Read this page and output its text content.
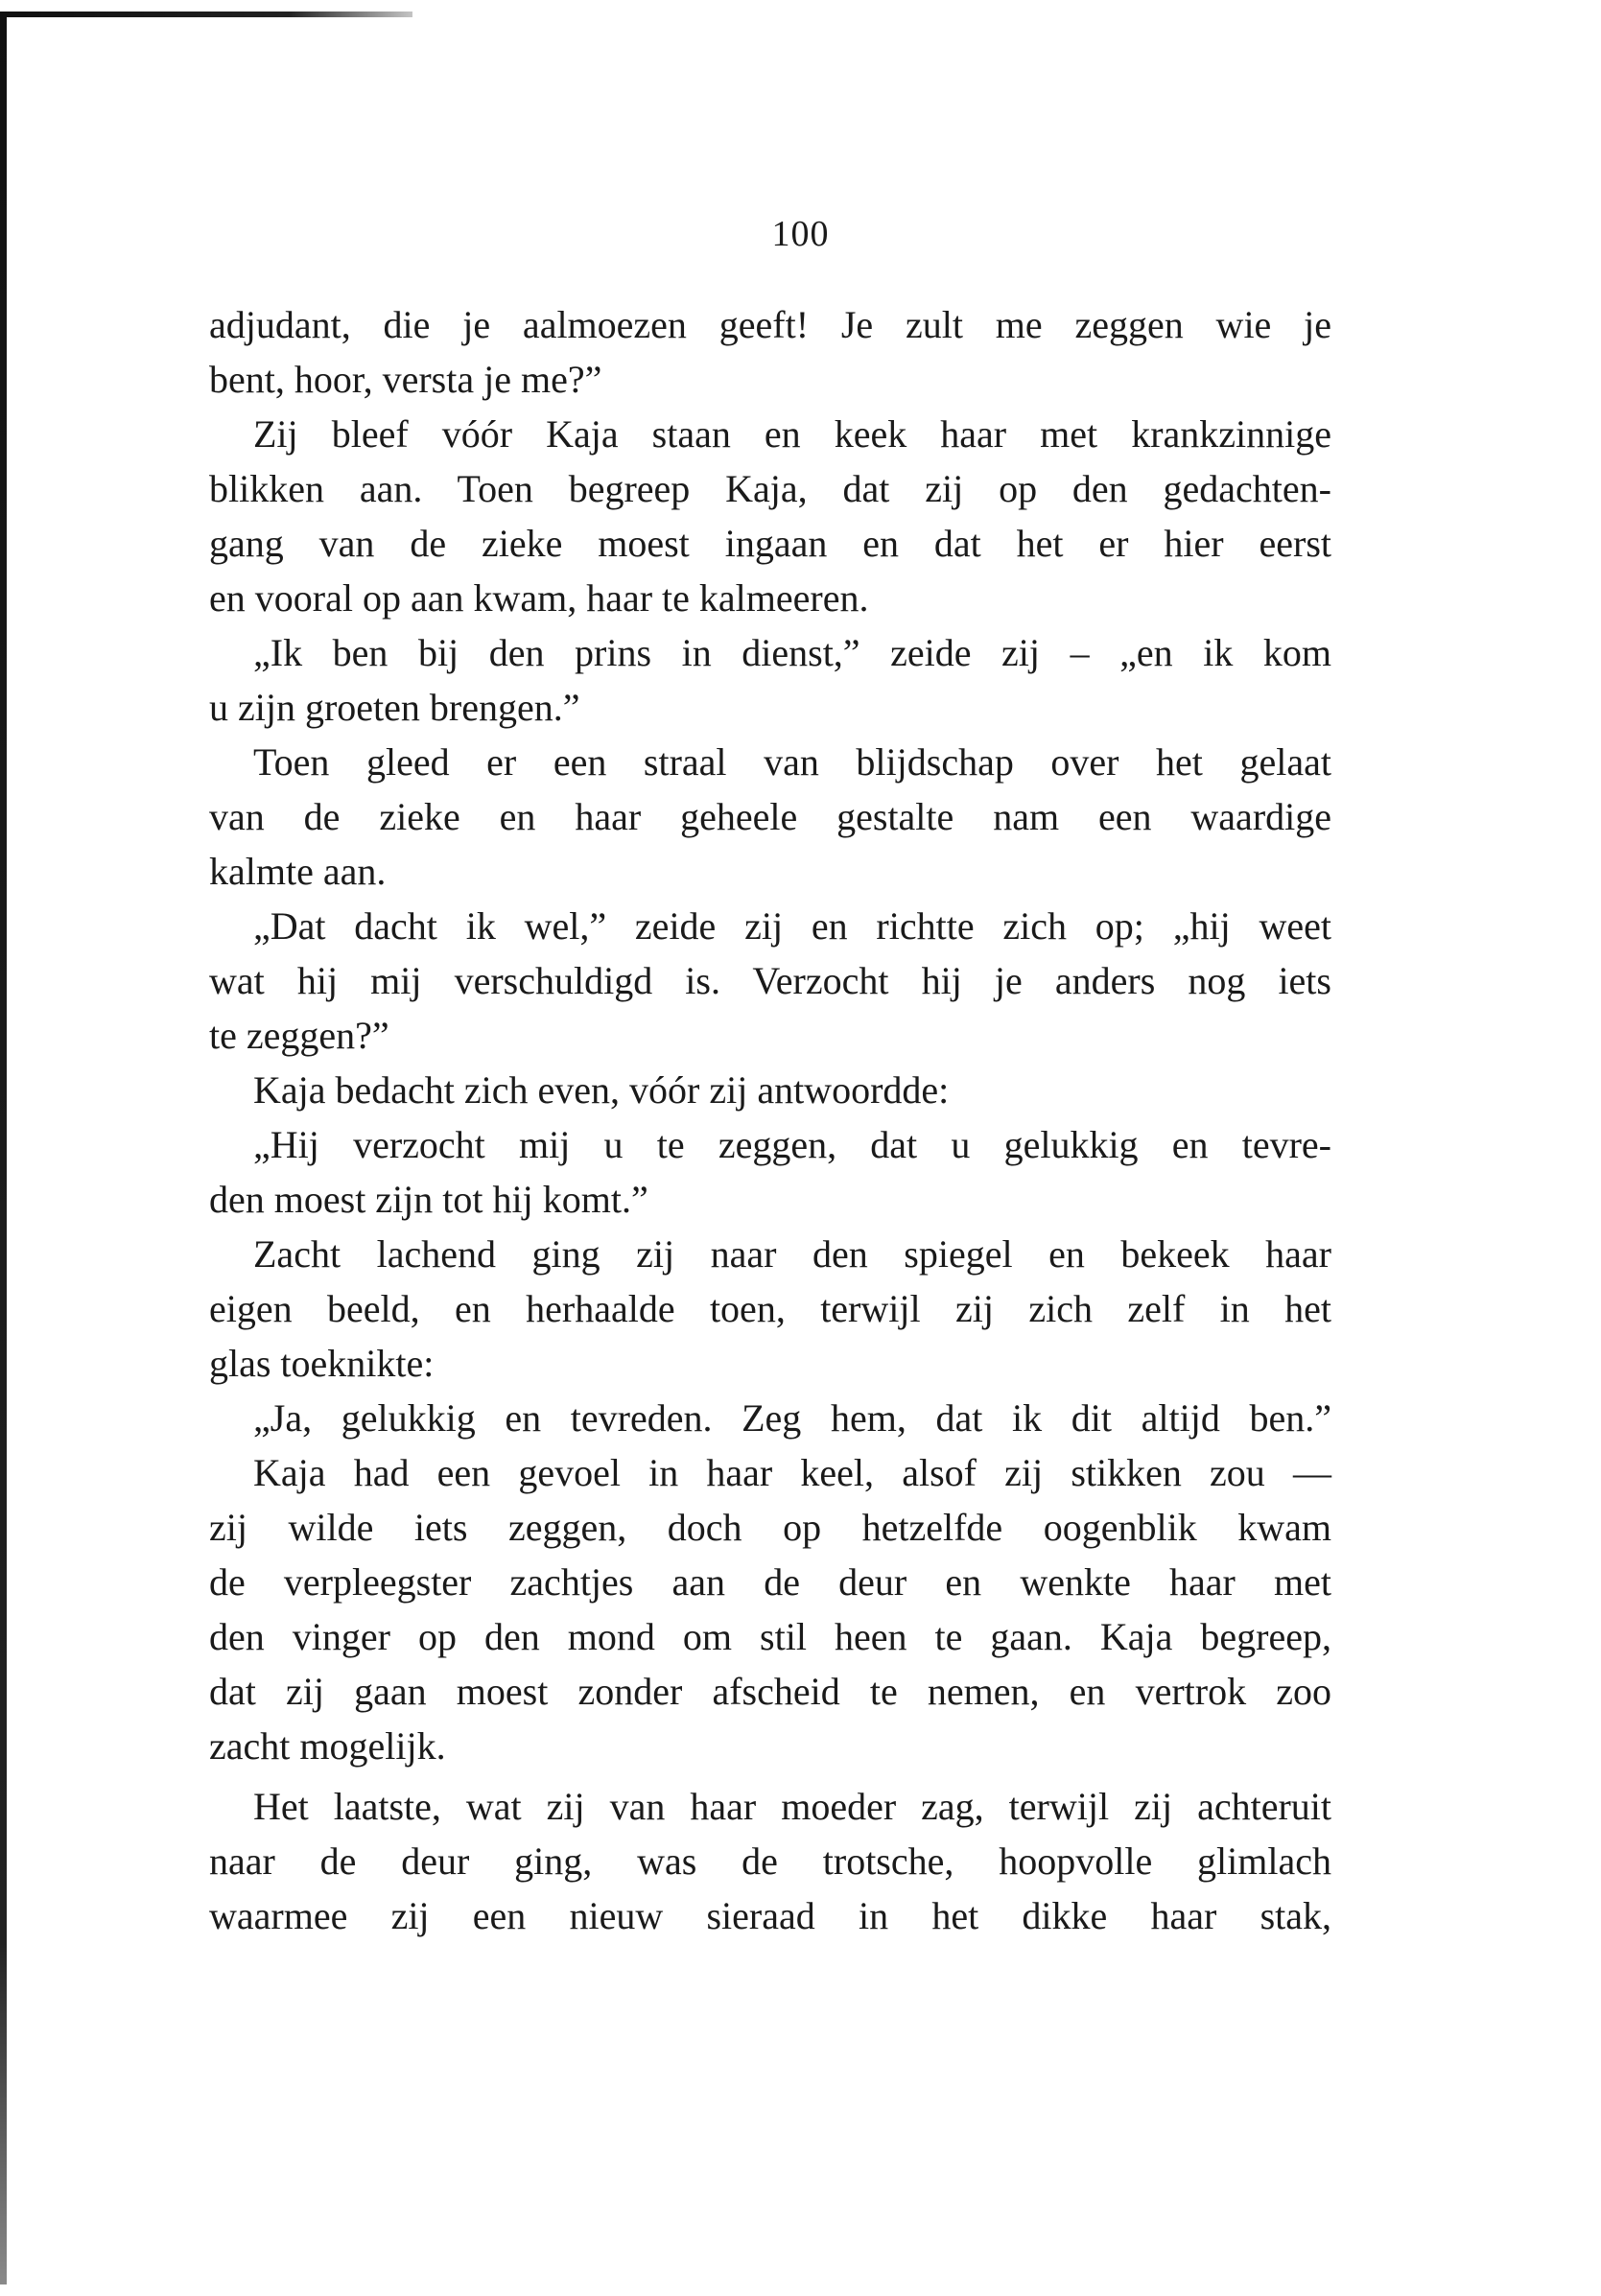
100
adjudant, die je aalmoezen geeft! Je zult me zeggen wie je
bent, hoor, versta je me?”
Zij bleef vóór Kaja staan en keek haar met krankzinnige
blikken aan. Toen begreep Kaja, dat zij op den gedachten-
gang van de zieke moest ingaan en dat het er hier eerst
en vooral op aan kwam, haar te kalmeeren.
„Ik ben bij den prins in dienst,” zeide zij – „en ik kom
u zijn groeten brengen.”
Toen gleed er een straal van blijdschap over het gelaat
van de zieke en haar geheele gestalte nam een waardige
kalmte aan.
„Dat dacht ik wel,” zeide zij en richtte zich op; „hij weet
wat hij mij verschuldigd is. Verzocht hij je anders nog iets
te zeggen?”
Kaja bedacht zich even, vóór zij antwoordde:
„Hij verzocht mij u te zeggen, dat u gelukkig en tevre-
den moest zijn tot hij komt.”
Zacht lachend ging zij naar den spiegel en bekeek haar
eigen beeld, en herhaalde toen, terwijl zij zich zelf in het
glas toeknikte:
„Ja, gelukkig en tevreden. Zeg hem, dat ik dit altijd ben.”
Kaja had een gevoel in haar keel, alsof zij stikken zou —
zij wilde iets zeggen, doch op hetzelfde oogenblik kwam
de verpleegster zachtjes aan de deur en wenkte haar met
den vinger op den mond om stil heen te gaan. Kaja begreep,
dat zij gaan moest zonder afscheid te nemen, en vertrok zoo
zacht mogelijk.
Het laatste, wat zij van haar moeder zag, terwijl zij achteruit
naar de deur ging, was de trotsche, hoopvolle glimlach
waarmee zij een nieuw sieraad in het dikke haar stak,
